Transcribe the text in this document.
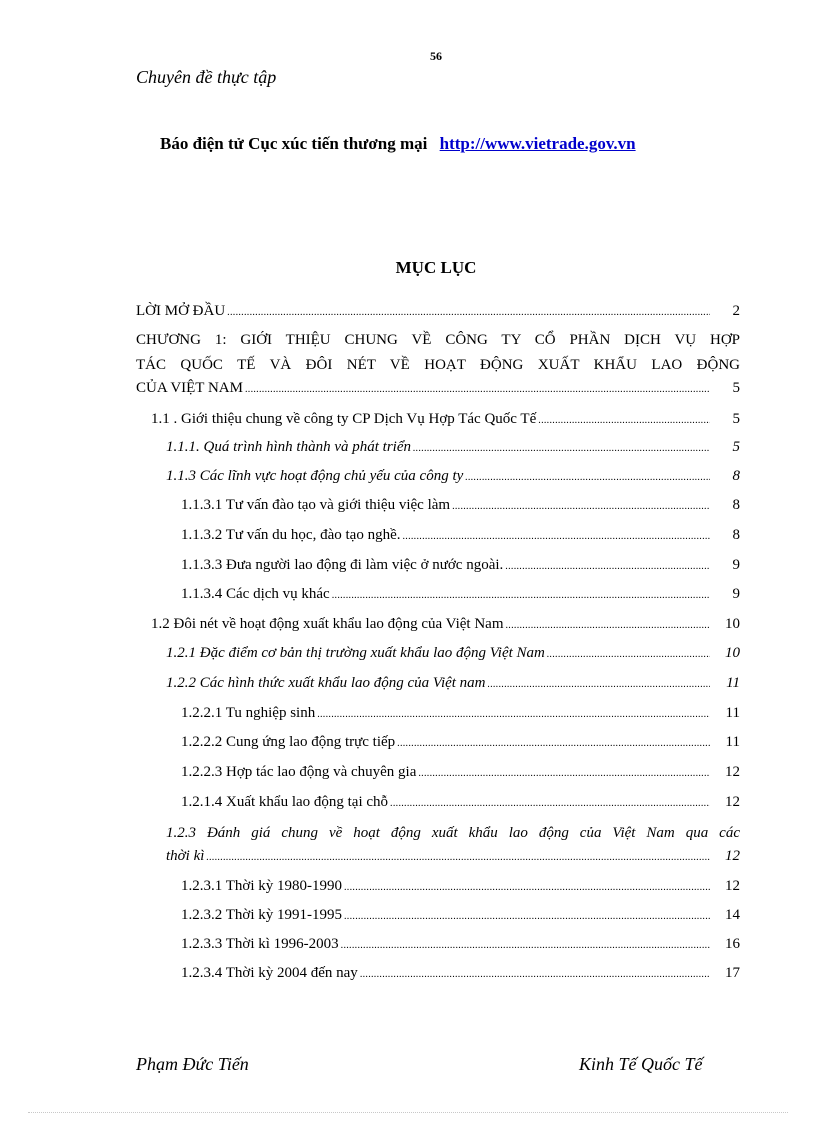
56
Chuyên đề thực tập
Báo điện tử Cục xúc tiến thương mại http://www.vietrade.gov.vn
MỤC LỤC
LỜI MỞ ĐẦU .....	2
CHƯƠNG 1: GIỚI THIỆU CHUNG VỀ CÔNG TY CỔ PHẦN DỊCH VỤ HỢP
TÁC QUỐC TẾ VÀ ĐÔI NÉT VỀ HOẠT ĐỘNG XUẤT KHẨU LAO ĐỘNG
CỦA VIỆT NAM .....	5
1.1 . Giới thiệu chung về công ty CP Dịch Vụ Hợp Tác Quốc Tế .....	5
1.1.1. Quá trình hình thành và phát triển .....	5
1.1.3 Các lĩnh vực hoạt động chủ yếu của công ty .....	8
1.1.3.1 Tư vấn đào tạo và giới thiệu việc làm .....	8
1.1.3.2 Tư vấn du học, đào tạo nghề. .....	8
1.1.3.3 Đưa người lao động đi làm việc ở nước ngoài. .....	9
1.1.3.4 Các dịch vụ khác .....	9
1.2 Đôi nét về hoạt động xuất khẩu lao động của Việt Nam .....	10
1.2.1 Đặc điểm cơ bản thị trường xuất khẩu lao động Việt Nam .....	10
1.2.2 Các hình thức xuất khẩu lao động của Việt nam .....	11
1.2.2.1 Tu nghiệp sinh .....	11
1.2.2.2 Cung ứng lao động trực tiếp .....	11
1.2.2.3 Hợp tác lao động và chuyên gia .....	12
1.2.1.4 Xuất khẩu lao động tại chỗ .....	12
1.2.3 Đánh giá chung về hoạt động xuất khẩu lao động của Việt Nam qua các
thời kì .....	12
1.2.3.1 Thời kỳ 1980-1990 .....	12
1.2.3.2 Thời kỳ 1991-1995 .....	14
1.2.3.3 Thời kì 1996-2003 .....	16
1.2.3.4 Thời kỳ 2004 đến nay .....	17
Phạm Đức Tiến	Kinh Tế Quốc Tế
